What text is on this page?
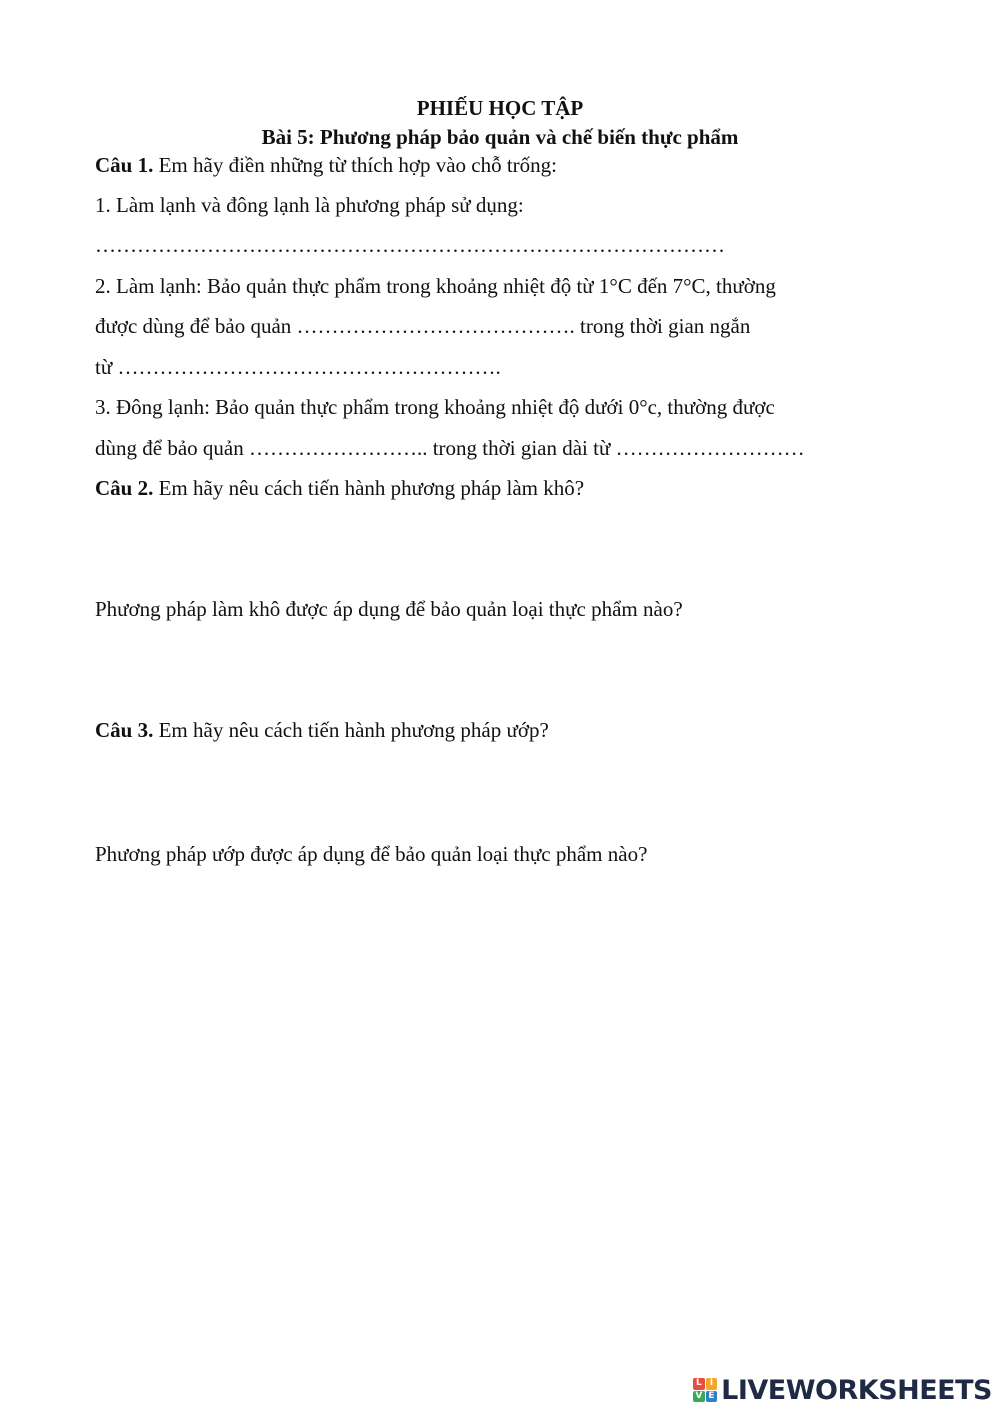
PHIẾU HỌC TẬP
Bài 5: Phương pháp bảo quản và chế biến thực phẩm
Câu 1. Em hãy điền những từ thích hợp vào chỗ trống:
1. Làm lạnh và đông lạnh là phương pháp sử dụng:
………………………………………………………………………………
2. Làm lạnh: Bảo quản thực phẩm trong khoảng nhiệt độ từ 1°C đến 7°C, thường
được dùng để bảo quản …………………………………. trong thời gian ngắn
từ ……………………………………………….
3. Đông lạnh: Bảo quản thực phẩm trong khoảng nhiệt độ dưới 0°c, thường được
dùng để bảo quản …………………….. trong thời gian dài từ ………………………
Câu 2. Em hãy nêu cách tiến hành phương pháp làm khô?
Phương pháp làm khô được áp dụng để bảo quản loại thực phẩm nào?
Câu 3. Em hãy nêu cách tiến hành phương pháp ướp?
Phương pháp ướp được áp dụng để bảo quản loại thực phẩm nào?
L I
V E LIVEWORKSHEETS
